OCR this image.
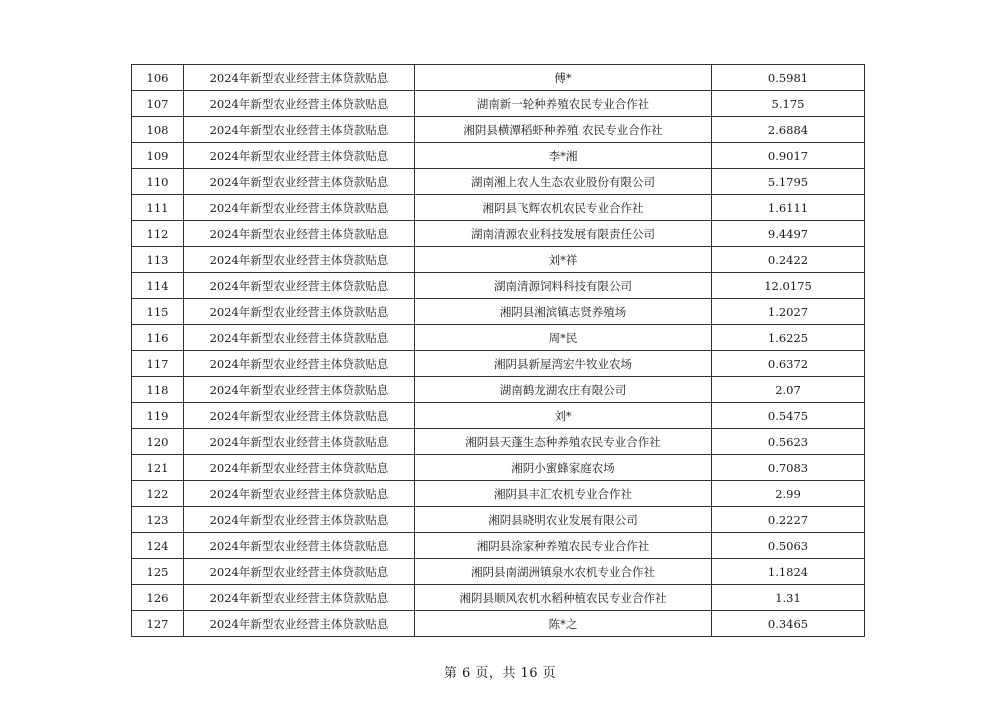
106	2024年新型农业经营主体贷款贴息	傅*	0.5981
107	2024年新型农业经营主体贷款贴息	湖南新一轮种养殖农民专业合作社	5.175
108	2024年新型农业经营主体贷款贴息	湘阴县横潭稻虾种养殖 农民专业合作社	2.6884
109	2024年新型农业经营主体贷款贴息	李*湘	0.9017
110	2024年新型农业经营主体贷款贴息	湖南湘上农人生态农业股份有限公司	5.1795
111	2024年新型农业经营主体贷款贴息	湘阴县飞辉农机农民专业合作社	1.6111
112	2024年新型农业经营主体贷款贴息	湖南清源农业科技发展有限责任公司	9.4497
113	2024年新型农业经营主体贷款贴息	刘*祥	0.2422
114	2024年新型农业经营主体贷款贴息	湖南清源饲料科技有限公司	12.0175
115	2024年新型农业经营主体贷款贴息	湘阴县湘滨镇志贤养殖场	1.2027
116	2024年新型农业经营主体贷款贴息	周*民	1.6225
117	2024年新型农业经营主体贷款贴息	湘阴县新屋湾宏牛牧业农场	0.6372
118	2024年新型农业经营主体贷款贴息	湖南鹤龙湖农庄有限公司	2.07
119	2024年新型农业经营主体贷款贴息	刘*	0.5475
120	2024年新型农业经营主体贷款贴息	湘阴县天蓬生态种养殖农民专业合作社	0.5623
121	2024年新型农业经营主体贷款贴息	湘阴小蜜蜂家庭农场	0.7083
122	2024年新型农业经营主体贷款贴息	湘阴县丰汇农机专业合作社	2.99
123	2024年新型农业经营主体贷款贴息	湘阴县晓明农业发展有限公司	0.2227
124	2024年新型农业经营主体贷款贴息	湘阴县涂家种养殖农民专业合作社	0.5063
125	2024年新型农业经营主体贷款贴息	湘阴县南湖洲镇泉水农机专业合作社	1.1824
126	2024年新型农业经营主体贷款贴息	湘阴县顺风农机水稻种植农民专业合作社	1.31
127	2024年新型农业经营主体贷款贴息	陈*之	0.3465
第 6 页，共 16 页
